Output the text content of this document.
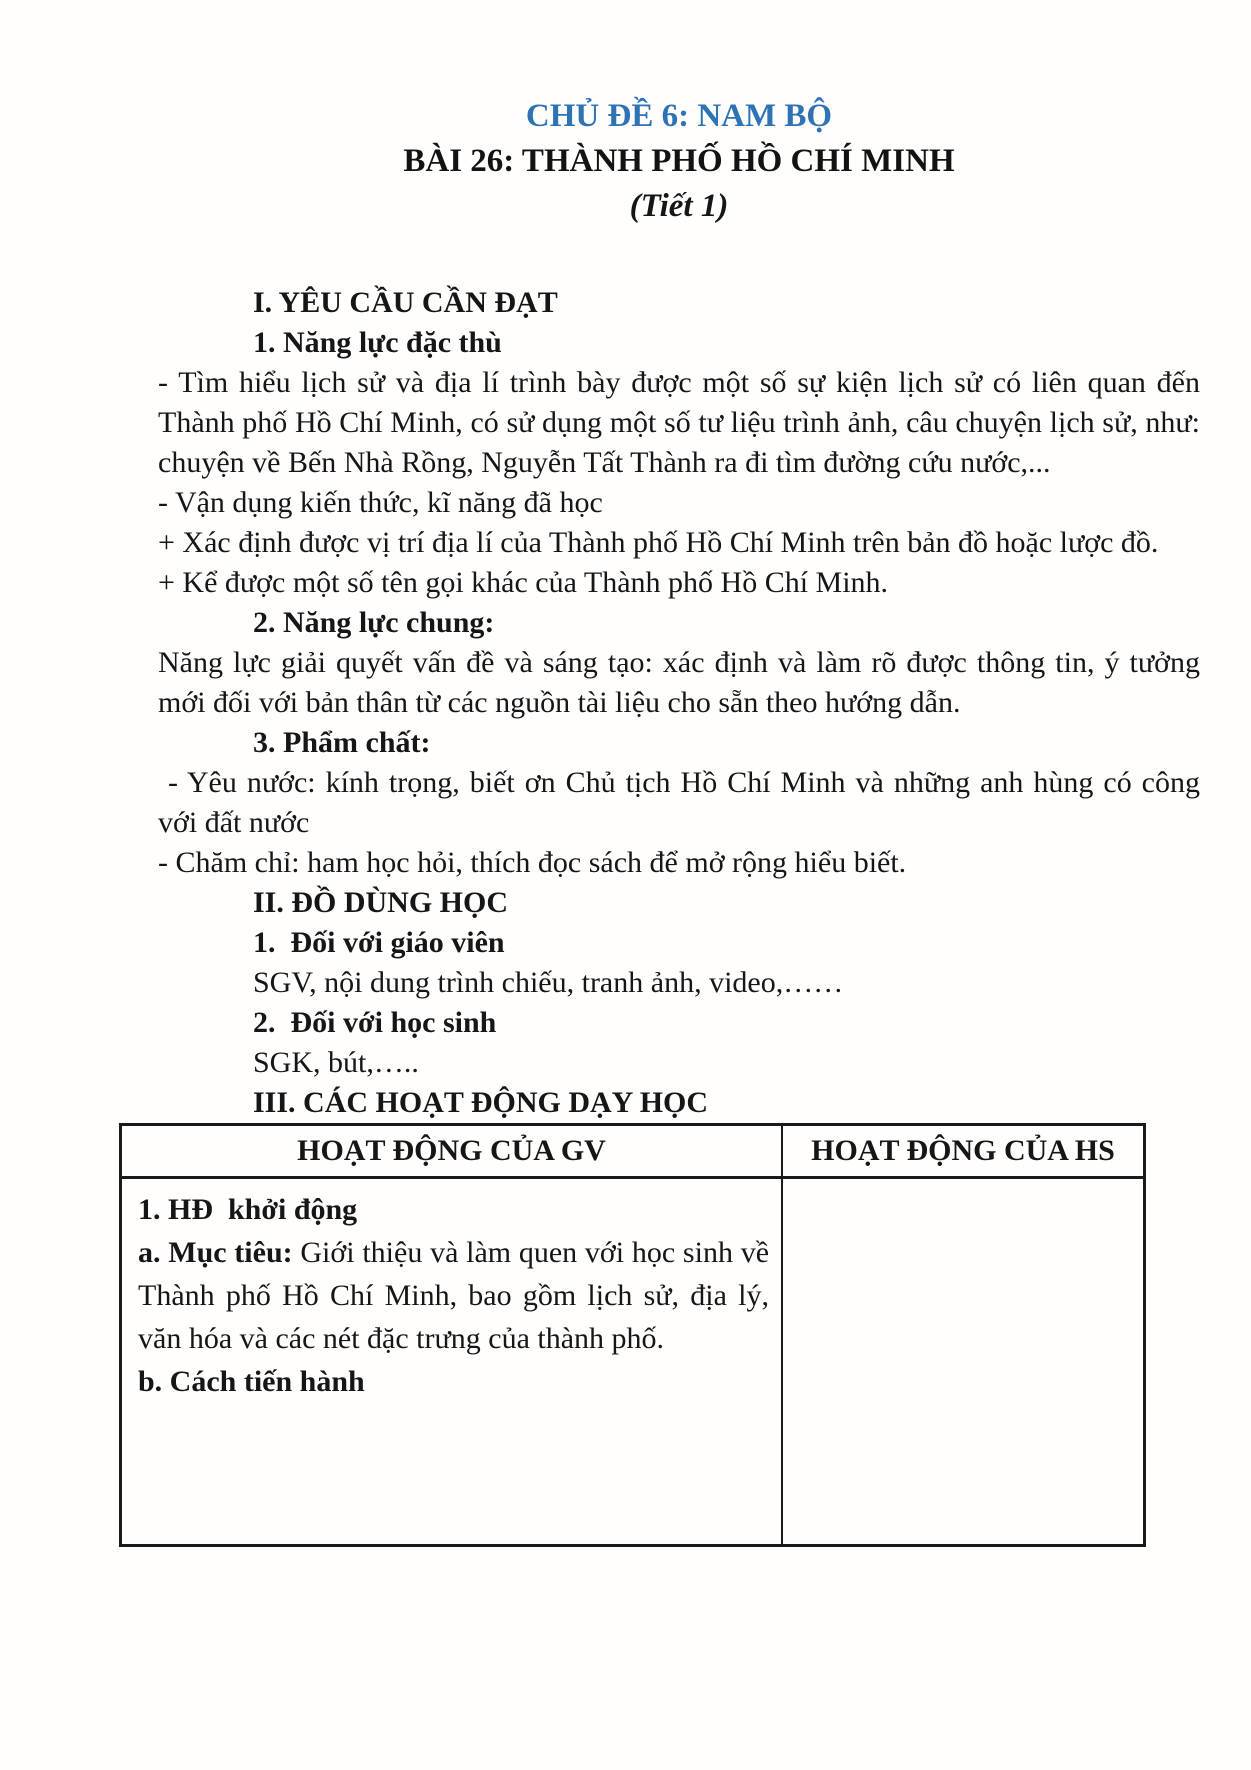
CHỦ ĐỀ 6: NAM BỘ
BÀI 26: THÀNH PHỐ HỒ CHÍ MINH
(Tiết 1)
I. YÊU CẦU CẦN ĐẠT
1. Năng lực đặc thù

- Tìm hiểu lịch sử và địa lí trình bày được một số sự kiện lịch sử có liên quan đến Thành phố Hồ Chí Minh, có sử dụng một số tư liệu trình ảnh, câu chuyện lịch sử, như: chuyện về Bến Nhà Rồng, Nguyễn Tất Thành ra đi tìm đường cứu nước,...

- Vận dụng kiến thức, kĩ năng đã học

+ Xác định được vị trí địa lí của Thành phố Hồ Chí Minh trên bản đồ hoặc lược đồ.

+ Kể được một số tên gọi khác của Thành phố Hồ Chí Minh.

2. Năng lực chung:

Năng lực giải quyết vấn đề và sáng tạo: xác định và làm rõ được thông tin, ý tưởng mới đối với bản thân từ các nguồn tài liệu cho sẵn theo hướng dẫn.

3. Phẩm chất:

- Yêu nước: kính trọng, biết ơn Chủ tịch Hồ Chí Minh và những anh hùng có công với đất nước

- Chăm chỉ: ham học hỏi, thích đọc sách để mở rộng hiểu biết.

II. ĐỒ DÙNG HỌC
1.  Đối với giáo viên
SGV, nội dung trình chiếu, tranh ảnh, video,……
2.  Đối với học sinh
SGK, bút,…..
III. CÁC HOẠT ĐỘNG DẠY HỌC
HOẠT ĐỘNG CỦA GV	HOẠT ĐỘNG CỦA HS

1. HĐ  khởi động

a. Mục tiêu: Giới thiệu và làm quen với học sinh về Thành phố Hồ Chí Minh, bao gồm lịch sử, địa lý, văn hóa và các nét đặc trưng của thành phố.

b. Cách tiến hành	
